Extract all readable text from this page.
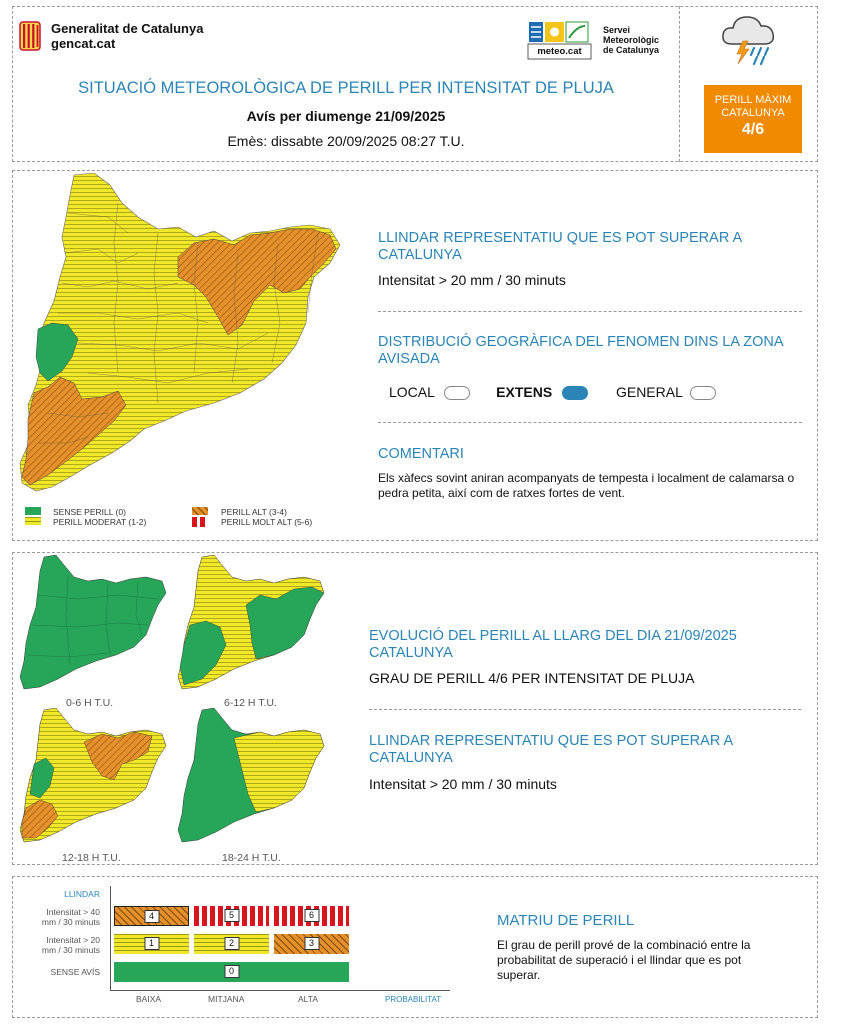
Generalitat de Catalunya
gencat.cat
meteo.cat
Servei
Meteorològic
de Catalunya
SITUACIÓ METEOROLÒGICA DE PERILL PER INTENSITAT DE PLUJA
Avís per diumenge 21/09/2025
Emès: dissabte 20/09/2025 08:27 T.U.
PERILL MÀXIM
CATALUNYA
4/6
SENSE PERILL (0)
PERILL MODERAT (1-2)
PERILL ALT (3-4)
PERILL MOLT ALT (5-6)
LLINDAR REPRESENTATIU QUE ES POT SUPERAR A CATALUNYA
Intensitat > 20 mm / 30 minuts
DISTRIBUCIÓ GEOGRÀFICA DEL FENOMEN DINS LA ZONA AVISADA
LOCAL	EXTENS	GENERAL
COMENTARI
Els xàfecs sovint aniran acompanyats de tempesta i localment de calamarsa o pedra petita, així com de ratxes fortes de vent.
0-6 H T.U.	6-12 H T.U.
12-18 H T.U.	18-24 H T.U.
EVOLUCIÓ DEL PERILL AL LLARG DEL DIA 21/09/2025 CATALUNYA
GRAU DE PERILL 4/6 PER INTENSITAT DE PLUJA
LLINDAR REPRESENTATIU QUE ES POT SUPERAR A CATALUNYA
Intensitat > 20 mm / 30 minuts
LLINDAR
Intensitat > 40
mm / 30 minuts
Intensitat > 20
mm / 30 minuts
SENSE AVÍS
4	5	6
1	2	3
0
BAIXA	MITJANA	ALTA	PROBABILITAT
MATRIU DE PERILL
El grau de perill prové de la combinació entre la probabilitat de superació i el llindar que es pot superar.
